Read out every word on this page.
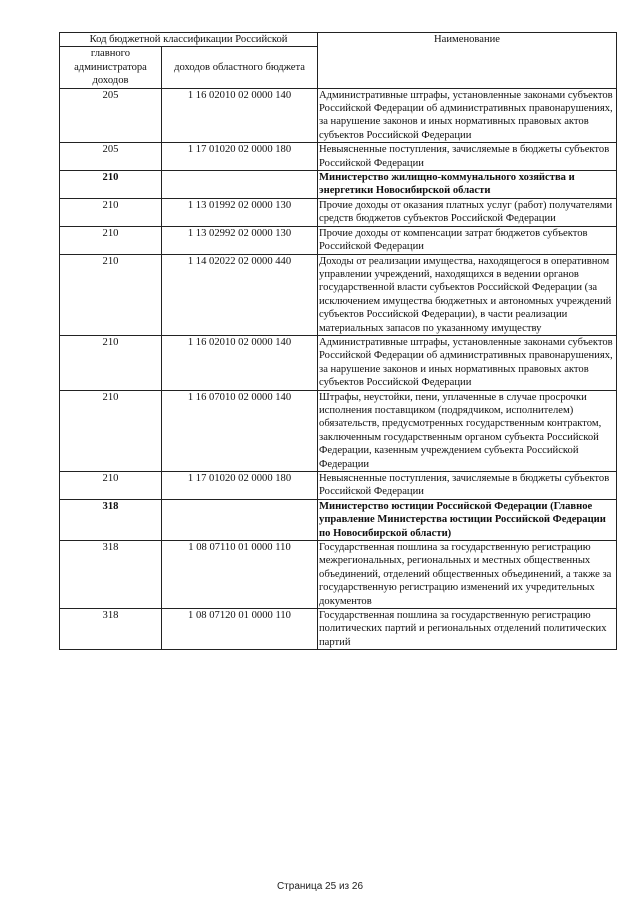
Код бюджетной классификации Российской		Наименование
главного администратора доходов	доходов областного бюджета	
205	1 16 02010 02 0000 140	Административные штрафы, установленные законами субъектов Российской Федерации об административных правонарушениях, за нарушение законов и иных нормативных правовых актов субъектов Российской Федерации
205	1 17 01020 02 0000 180	Невыясненные поступления, зачисляемые в бюджеты субъектов Российской Федерации
210		Министерство жилищно-коммунального хозяйства и энергетики Новосибирской области
210	1 13 01992 02 0000 130	Прочие доходы от оказания платных услуг (работ) получателями средств бюджетов субъектов Российской Федерации
210	1 13 02992 02 0000 130	Прочие доходы от компенсации затрат бюджетов субъектов Российской Федерации
210	1 14 02022 02 0000 440	Доходы от реализации имущества, находящегося в оперативном управлении учреждений, находящихся в ведении органов государственной власти субъектов Российской Федерации (за исключением имущества бюджетных и автономных учреждений субъектов Российской Федерации), в части реализации материальных запасов по указанному имуществу
210	1 16 02010 02 0000 140	Административные штрафы, установленные законами субъектов Российской Федерации об административных правонарушениях, за нарушение законов и иных нормативных правовых актов субъектов Российской Федерации
210	1 16 07010 02 0000 140	Штрафы, неустойки, пени, уплаченные в случае просрочки исполнения поставщиком (подрядчиком, исполнителем) обязательств, предусмотренных государственным контрактом, заключенным государственным органом субъекта Российской Федерации, казенным учреждением субъекта Российской Федерации
210	1 17 01020 02 0000 180	Невыясненные поступления, зачисляемые в бюджеты субъектов Российской Федерации
318		Министерство юстиции Российской Федерации (Главное управление Министерства юстиции Российской Федерации по Новосибирской области)
318	1 08 07110 01 0000 110	Государственная пошлина за государственную регистрацию межрегиональных, региональных и местных общественных объединений, отделений общественных объединений, а также за государственную регистрацию изменений их учредительных документов
318	1 08 07120 01 0000 110	Государственная пошлина за государственную регистрацию политических партий и региональных отделений политических партий
Страница 25 из 26
